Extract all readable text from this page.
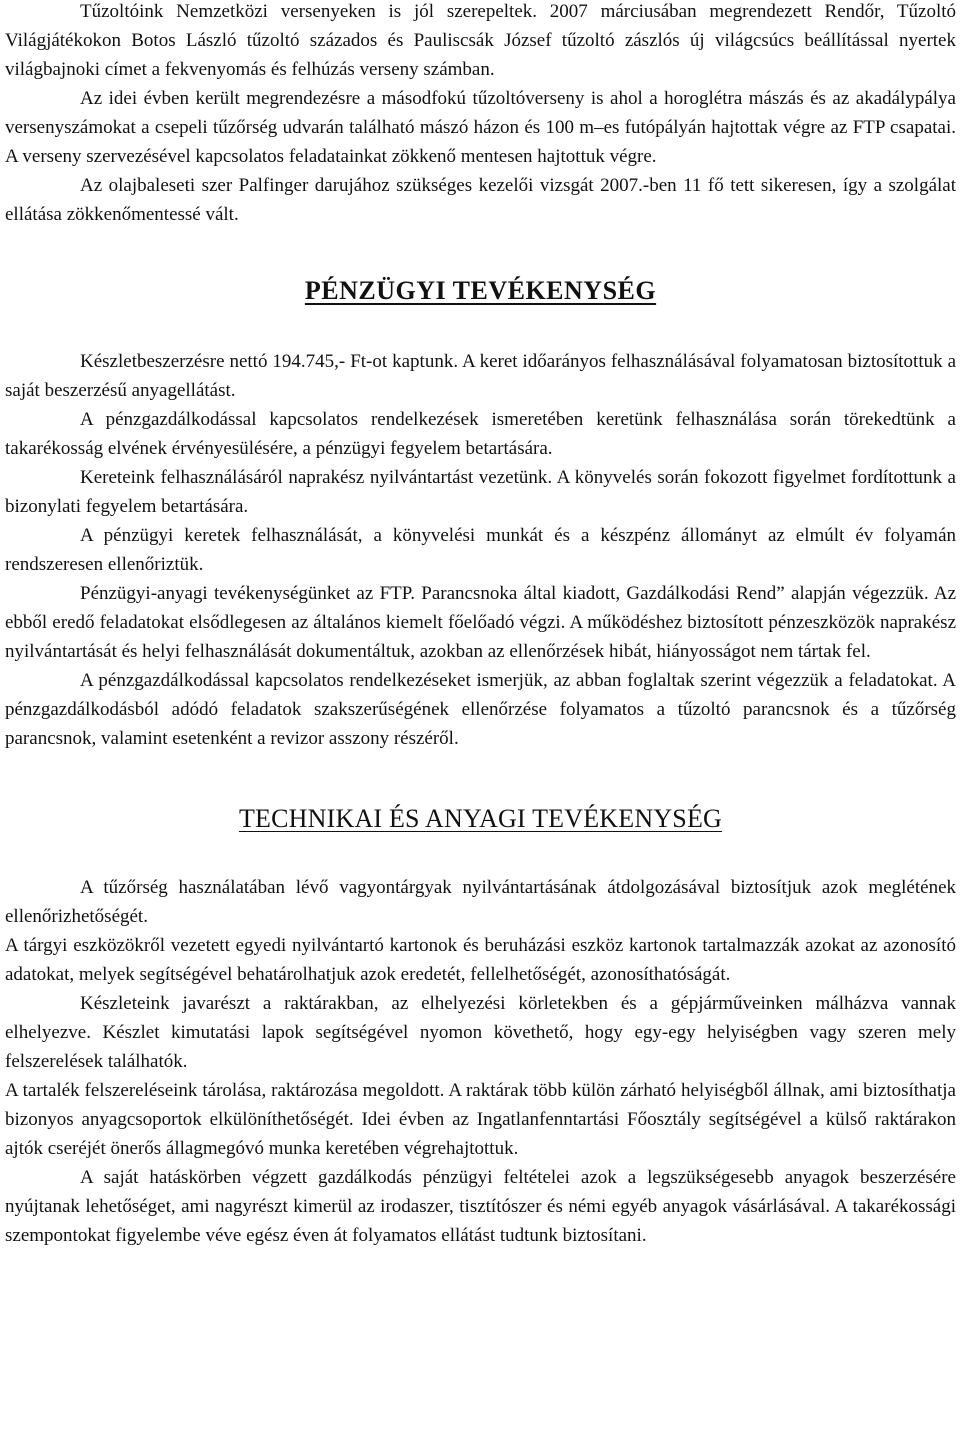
Tűzoltóink Nemzetközi versenyeken is jól szerepeltek. 2007 márciusában megrendezett Rendőr, Tűzoltó Világjátékokon Botos László tűzoltó százados és Pauliscsák József tűzoltó zászlós új világcsúcs beállítással nyertek világbajnoki címet a fekvenyomás és felhúzás verseny számban.

Az idei évben került megrendezésre a másodfokú tűzoltóverseny is ahol a horoglétra mászás és az akadálypálya versenyszámokat a csepeli tűzőrség udvarán található mászó házon és 100 m–es futópályán hajtottak végre az FTP csapatai. A verseny szervezésével kapcsolatos feladatainkat zökkenő mentesen hajtottuk végre.

Az olajbaleseti szer Palfinger darujához szükséges kezelői vizsgát 2007.-ben 11 fő tett sikeresen, így a szolgálat ellátása zökkenőmentessé vált.

PÉNZÜGYI TEVÉKENYSÉG

Készletbeszerzésre nettó 194.745,- Ft-ot kaptunk. A keret időarányos felhasználásával folyamatosan biztosítottuk a saját beszerzésű anyagellátást.

A pénzgazdálkodással kapcsolatos rendelkezések ismeretében keretünk felhasználása során törekedtünk a takarékosság elvének érvényesülésére, a pénzügyi fegyelem betartására.

Kereteink felhasználásáról naprakész nyilvántartást vezetünk. A könyvelés során fokozott figyelmet fordítottunk a bizonylati fegyelem betartására.

A pénzügyi keretek felhasználását, a könyvelési munkát és a készpénz állományt az elmúlt év folyamán rendszeresen ellenőriztük.

Pénzügyi-anyagi tevékenységünket az FTP. Parancsnoka által kiadott, Gazdálkodási Rend” alapján végezzük. Az ebből eredő feladatokat elsődlegesen az általános kiemelt főelőadó végzi. A működéshez biztosított pénzeszközök naprakész nyilvántartását és helyi felhasználását dokumentáltuk, azokban az ellenőrzések hibát, hiányosságot nem tártak fel.

A pénzgazdálkodással kapcsolatos rendelkezéseket ismerjük, az abban foglaltak szerint végezzük a feladatokat. A pénzgazdálkodásból adódó feladatok szakszerűségének ellenőrzése folyamatos a tűzoltó parancsnok és a tűzőrség parancsnok, valamint esetenként a revizor asszony részéről.

TECHNIKAI ÉS ANYAGI TEVÉKENYSÉG

A tűzőrség használatában lévő vagyontárgyak nyilvántartásának átdolgozásával biztosítjuk azok meglétének ellenőrizhetőségét.

A tárgyi eszközökről vezetett egyedi nyilvántartó kartonok és beruházási eszköz kartonok tartalmazzák azokat az azonosító adatokat, melyek segítségével behatárolhatjuk azok eredetét, fellelhetőségét, azonosíthatóságát.

Készleteink javarészt a raktárakban, az elhelyezési körletekben és a gépjárműveinken málházva vannak elhelyezve. Készlet kimutatási lapok segítségével nyomon követhető, hogy egy-egy helyiségben vagy szeren mely felszerelések találhatók.

A tartalék felszereléseink tárolása, raktározása megoldott. A raktárak több külön zárható helyiségből állnak, ami biztosíthatja bizonyos anyagcsoportok elkülöníthetőségét. Idei évben az Ingatlanfenntartási Főosztály segítségével a külső raktárakon ajtók cseréjét önerős állagmegóvó munka keretében végrehajtottuk.

A saját hatáskörben végzett gazdálkodás pénzügyi feltételei azok a legszükségesebb anyagok beszerzésére nyújtanak lehetőséget, ami nagyrészt kimerül az irodaszer, tisztítószer és némi egyéb anyagok vásárlásával. A takarékossági szempontokat figyelembe véve egész éven át folyamatos ellátást tudtunk biztosítani.
